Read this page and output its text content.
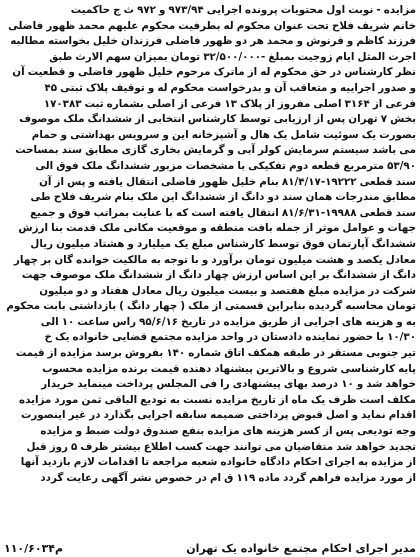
مزایده - نوبت اول محتویات پرونده اجرایی ۹۷۳/۹۴ و ۹۷۲ ث ج حاکمیت
خانم شریف فلاح تحت عنوان محکوم له بطرفیت محکوم علیهم محمد ظهور فاضلی
فرزند کاظم و فرنوش و محمد هر دو ظهور فاضلی فرزندان خلیل بخواسته مطالبه
اجرت المثل ایام زوجیت بمبلغ -۳۲/۵۰۰/۰۰۰ تومان بمیزان سهم الارث طبق
نظر کارشناس در حق محکوم له از ماترک مرحوم خلیل ظهور فاضلی و قطعیت آن
و صدور اجراییه و متعاقب آن و بدرخواست محکوم له و توقیف پلاک ثبتی ۴۵
فرعی از ۳۱۶۴ اصلی مفروز از پلاک ۱۳ فرعی از اصلی بشماره ثبت ۱۷۰۳۸۳
بخش ۷ تهران پس از ارزیابی توسط کارشناس انتخابی از ششدانگ ملک موصوف
بصورت یک سوئیت شامل یک هال و آشپزخانه این و سرویس بهداشتی و حمام
می باشد سیستم سرمایش کولر آبی و گرمایش بخاری گازی مطابق سند بمساحت
۵۳/۹۰ مترمربع قطعه دوم تفکیکی با مشخصات مزبور ششدانگ ملک فوق الی
سند قطعی ۱۹۲۲۲-۸۱/۴/۱۷ بنام خلیل ظهور فاضلی انتقال یافته و پس از آن
مطابق مندرجات همان سند دو دانگ از ششدانگ این ملک بنام شریف فلاح طی
سند قطعی ۱۹۹۸۸-۸۱/۶/۳۱ انتقال یافته است که با عنایت بمراتب فوق و جمیع
جهات و عوامل موثر از جمله بافت منطقه و موقعیت مکانی ملک قدمت بنا ارزش
ششدانگ آپارتمان فوق توسط کارشناس مبلغ یک میلیارد و هشتاد میلیون ریال
معادل یکصد و هشت میلیون تومان برآورد و با توجه به مالکیت خوانده گان بر چهار
دانگ از ششدانگ بر این اساس ارزش چهار دانگ از ششدانگ ملک موصوف جهت
شرکت در مزایده مبلغ هفتصد و بیست میلیون ریال معادل هفتاد و دو میلیون
تومان محاسبه گردیده بنابراین قسمتی از ملک ( چهار دانگ ) بازداشتی بابت محکوم
به و هزینه های اجرایی از طریق مزایده در تاریخ ۹۵/۶/۱۶ راس ساعت ۱۰ الی
۱۰/۳۰ با حضور نماینده دادستان در واحد مزایده مجتمع قضایی خانواده یک خ
تیر جنوبی مستقر در طبقه همکف اتاق شماره ۱۴۰ بفروش برسد مزایده از قیمت
پایه کارشناسی شروع و بالاترین پیشنهاد دهنده قیمت برنده مزایده محسوب
خواهد شد و ۱۰ درصد بهای پیشنهادی را فی المجلس پرداخت مینماید خریدار
مکلف است ظرف یک ماه از تاریخ مزایده نسبت به تودیع الباقی ثمن مورد مزایده
اقدام نماید و اصل قبوض پرداختی ضمیمه سابقه اجرایی بگذارد در غیر اینصورت
وجه تودیعی پس از کسر هزینه های مزایده بنفع صندوق دولت ضبط و مزایده
تجدید خواهد شد متقاضیان می توانند جهت کسب اطلاع بیشتر ظرف ۵ روز قبل
از مزایده به اجرای احکام دادگاه خانواده شعبه مراجعه تا اقدامات لازم بازدید آنها
از مورد مزایده فراهم گردد ماده ۱۱۹ ق ام در خصوص نشر آگهی رعایت گردد

مدیر اجرای احکام مجتمع خانواده یک تهران
۱۱۰/۶۰۳۴م
